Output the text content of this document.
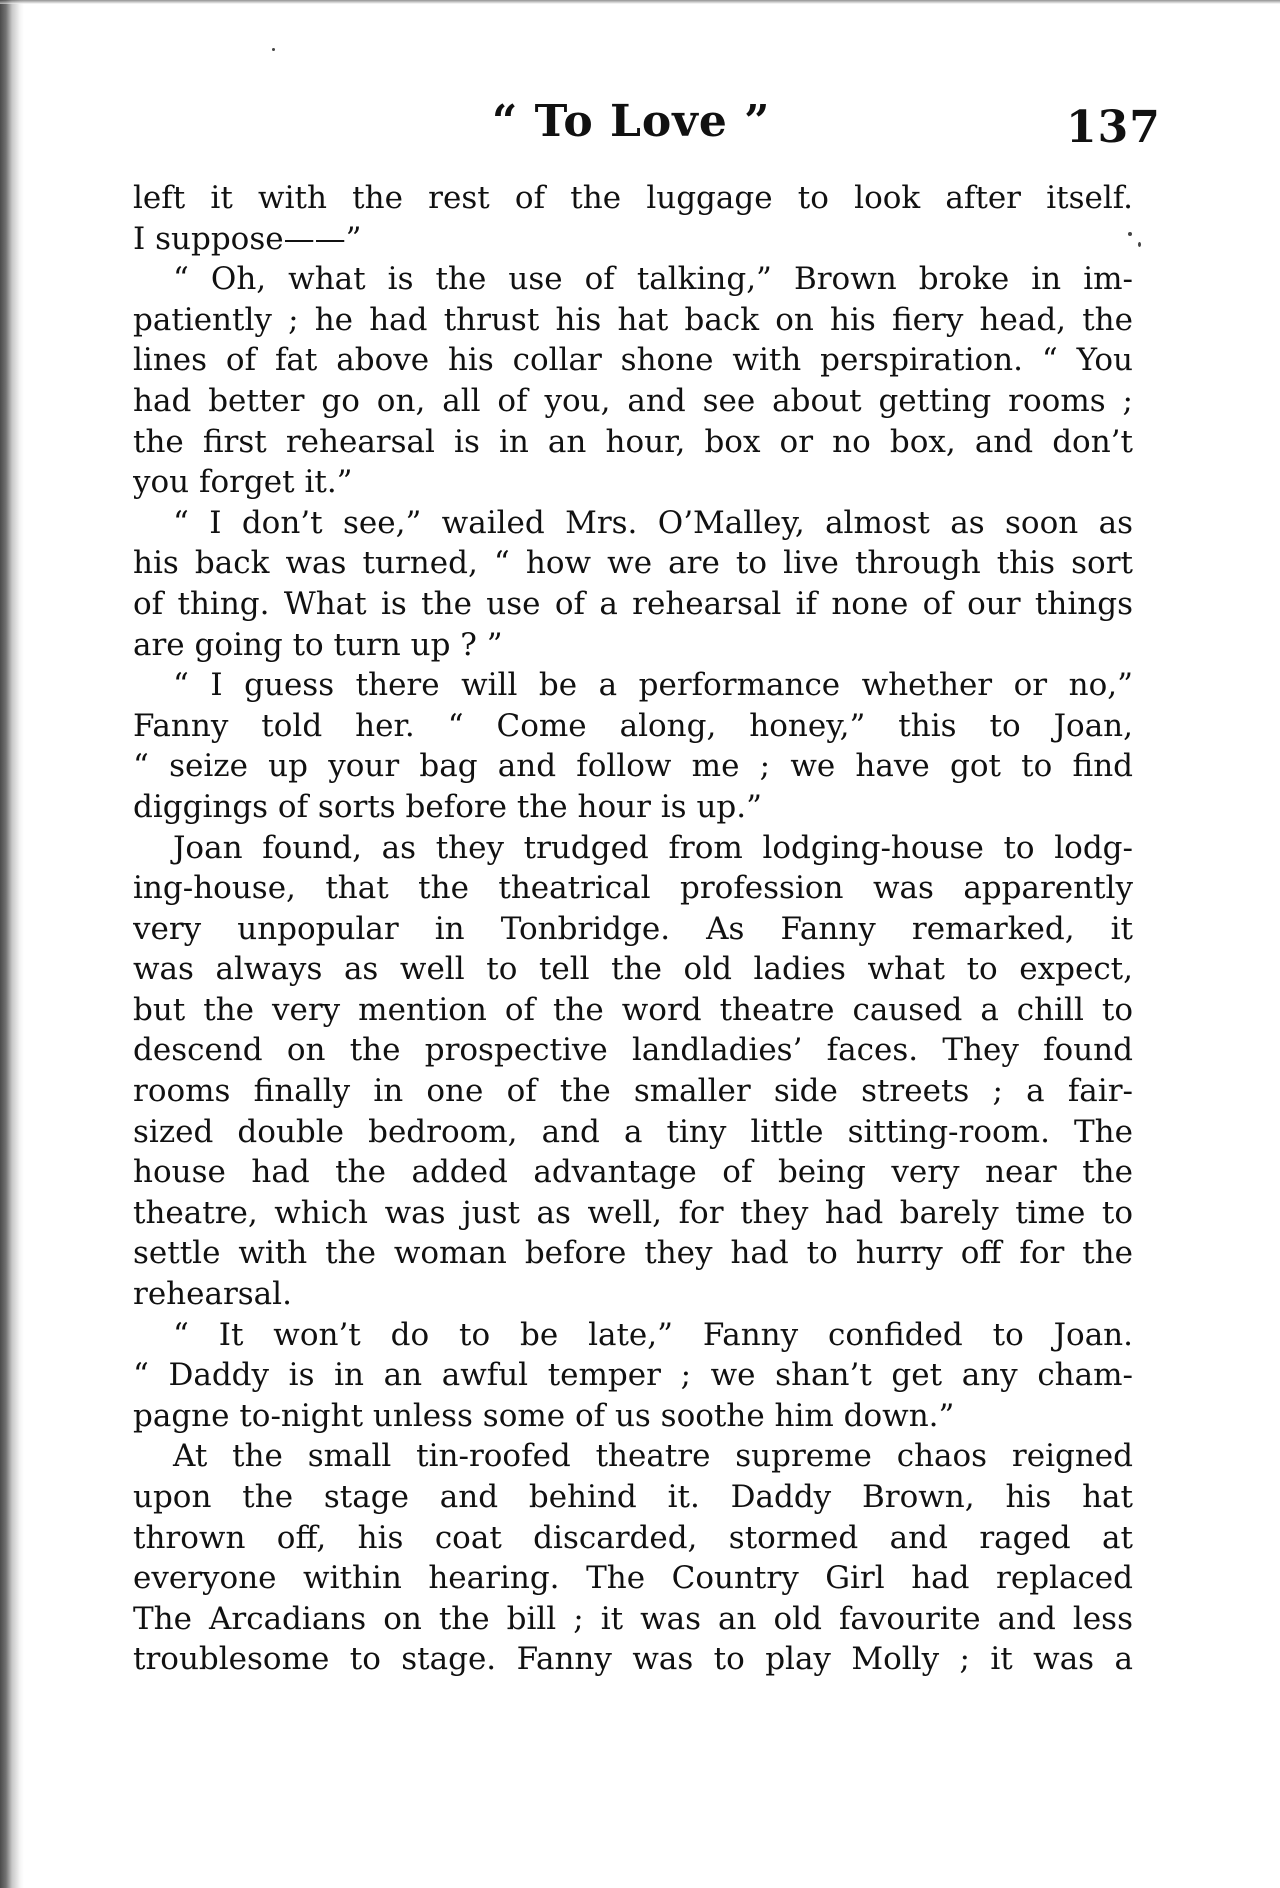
“ To Love ”	137
left it with the rest of the luggage to look after itself.
I suppose——”
“ Oh, what is the use of talking,” Brown broke in im-
patiently ; he had thrust his hat back on his fiery head, the
lines of fat above his collar shone with perspiration. “ You
had better go on, all of you, and see about getting rooms ;
the first rehearsal is in an hour, box or no box, and don’t
you forget it.”
“ I don’t see,” wailed Mrs. O’Malley, almost as soon as
his back was turned, “ how we are to live through this sort
of thing. What is the use of a rehearsal if none of our things
are going to turn up ? ”
“ I guess there will be a performance whether or no,”
Fanny told her. “ Come along, honey,” this to Joan,
“ seize up your bag and follow me ; we have got to find
diggings of sorts before the hour is up.”
Joan found, as they trudged from lodging-house to lodg-
ing-house, that the theatrical profession was apparently
very unpopular in Tonbridge. As Fanny remarked, it
was always as well to tell the old ladies what to expect,
but the very mention of the word theatre caused a chill to
descend on the prospective landladies’ faces. They found
rooms finally in one of the smaller side streets ; a fair-
sized double bedroom, and a tiny little sitting-room. The
house had the added advantage of being very near the
theatre, which was just as well, for they had barely time to
settle with the woman before they had to hurry off for the
rehearsal.
“ It won’t do to be late,” Fanny confided to Joan.
“ Daddy is in an awful temper ; we shan’t get any cham-
pagne to-night unless some of us soothe him down.”
At the small tin-roofed theatre supreme chaos reigned
upon the stage and behind it. Daddy Brown, his hat
thrown off, his coat discarded, stormed and raged at
everyone within hearing. The Country Girl had replaced
The Arcadians on the bill ; it was an old favourite and less
troublesome to stage. Fanny was to play Molly ; it was a
